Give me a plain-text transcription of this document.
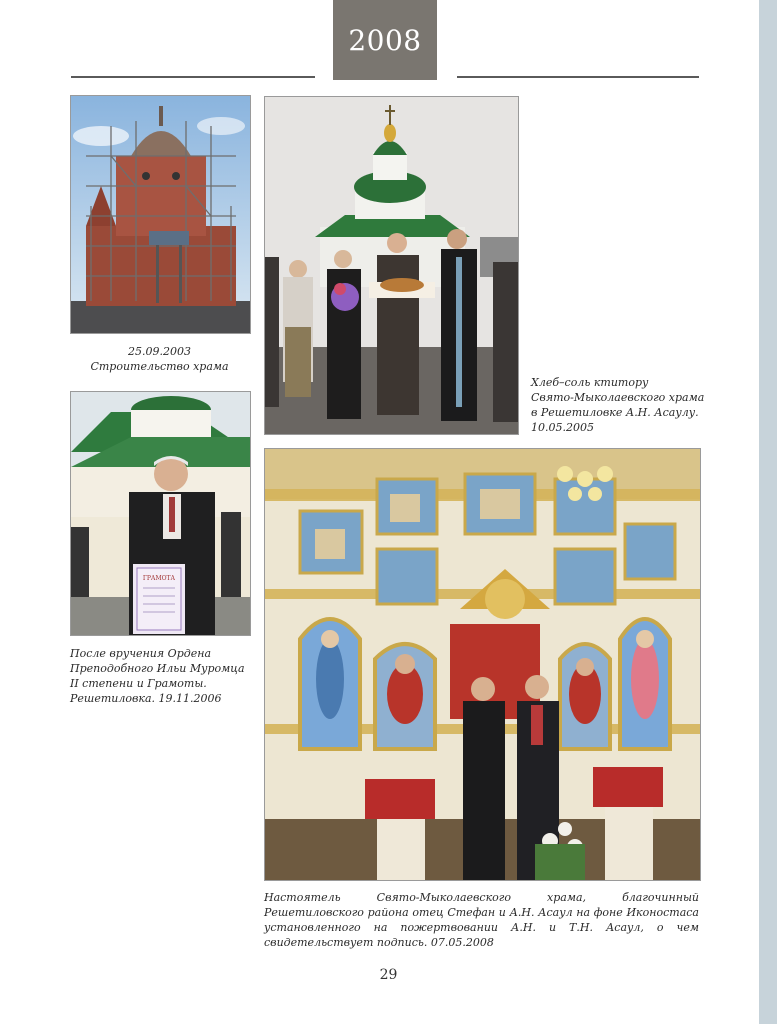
2008
25.09.2003
Строительство храма
Хлеб–соль ктитору
Свято-Мыколаевского храма
в Решетиловке А.Н. Асаулу.
10.05.2005
ГРАМОТА
После вручения Ордена
Преподобного Ильи Муромца
II степени и Грамоты.
Решетиловка. 19.11.2006
Настоятель Свято-Мыколаевского храма, благочинный Решетиловского района отец Стефан и А.Н. Асаул на фоне Иконостаса установленного на пожертвовании А.Н. и Т.Н. Асаул, о чем свидетельствует подпись. 07.05.2008
29
